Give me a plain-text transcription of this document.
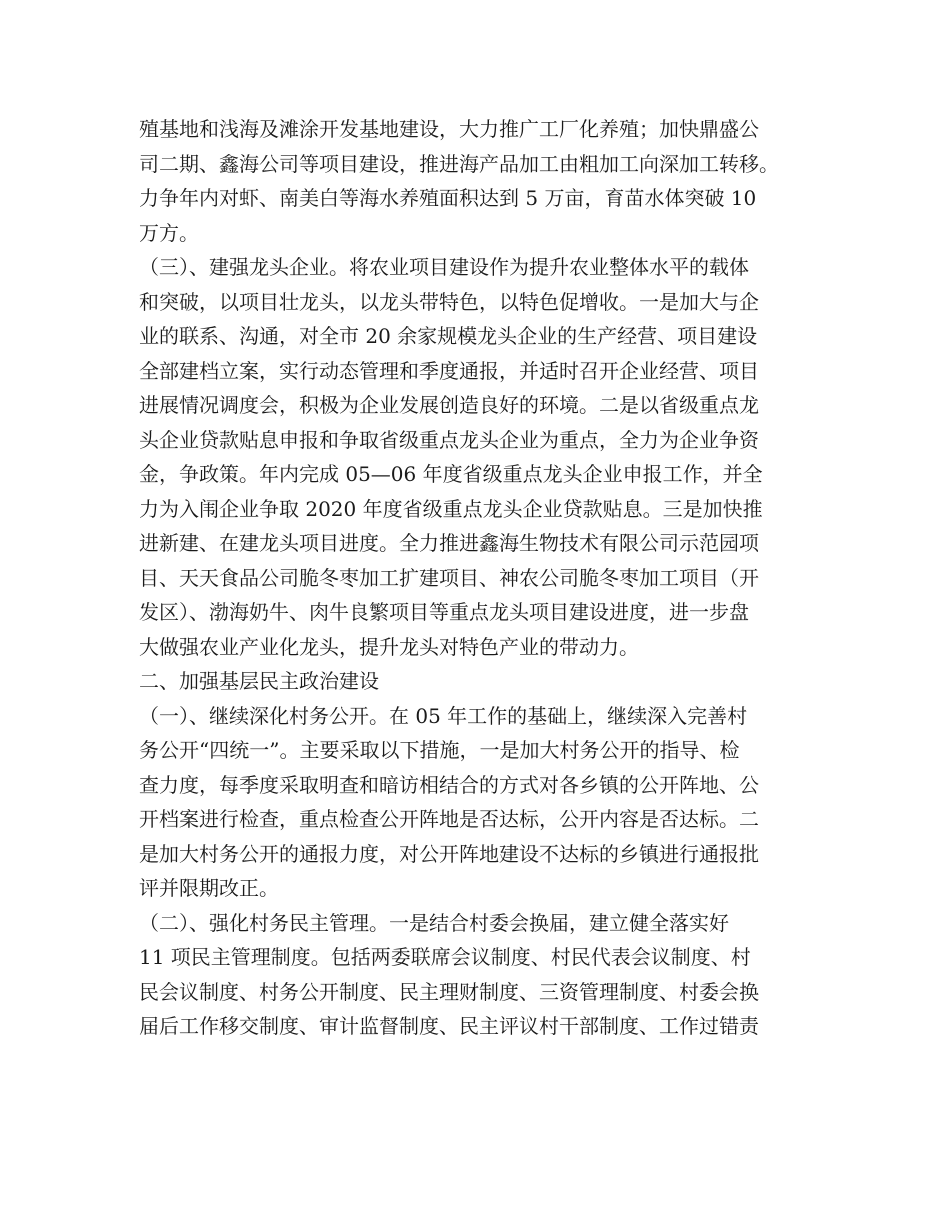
殖基地和浅海及滩涂开发基地建设，大力推广工厂化养殖；加快鼎盛公
司二期、鑫海公司等项目建设，推进海产品加工由粗加工向深加工转移。
力争年内对虾、南美白等海水养殖面积达到 5 万亩，育苗水体突破 10
万方。
（三）、建强龙头企业。将农业项目建设作为提升农业整体水平的载体
和突破，以项目壮龙头，以龙头带特色，以特色促增收。一是加大与企
业的联系、沟通，对全市 20 余家规模龙头企业的生产经营、项目建设
全部建档立案，实行动态管理和季度通报，并适时召开企业经营、项目
进展情况调度会，积极为企业发展创造良好的环境。二是以省级重点龙
头企业贷款贴息申报和争取省级重点龙头企业为重点，全力为企业争资
金，争政策。年内完成 05—06 年度省级重点龙头企业申报工作，并全
力为入闱企业争取 2020 年度省级重点龙头企业贷款贴息。三是加快推
进新建、在建龙头项目进度。全力推进鑫海生物技术有限公司示范园项
目、天天食品公司脆冬枣加工扩建项目、神农公司脆冬枣加工项目（开
发区）、渤海奶牛、肉牛良繁项目等重点龙头项目建设进度，进一步盘
大做强农业产业化龙头，提升龙头对特色产业的带动力。
二、加强基层民主政治建设
（一）、继续深化村务公开。在 05 年工作的基础上，继续深入完善村
务公开“四统一”。主要采取以下措施，一是加大村务公开的指导、检
查力度，每季度采取明查和暗访相结合的方式对各乡镇的公开阵地、公
开档案进行检查，重点检查公开阵地是否达标，公开内容是否达标。二
是加大村务公开的通报力度，对公开阵地建设不达标的乡镇进行通报批
评并限期改正。
（二）、强化村务民主管理。一是结合村委会换届，建立健全落实好
11 项民主管理制度。包括两委联席会议制度、村民代表会议制度、村
民会议制度、村务公开制度、民主理财制度、三资管理制度、村委会换
届后工作移交制度、审计监督制度、民主评议村干部制度、工作过错责
